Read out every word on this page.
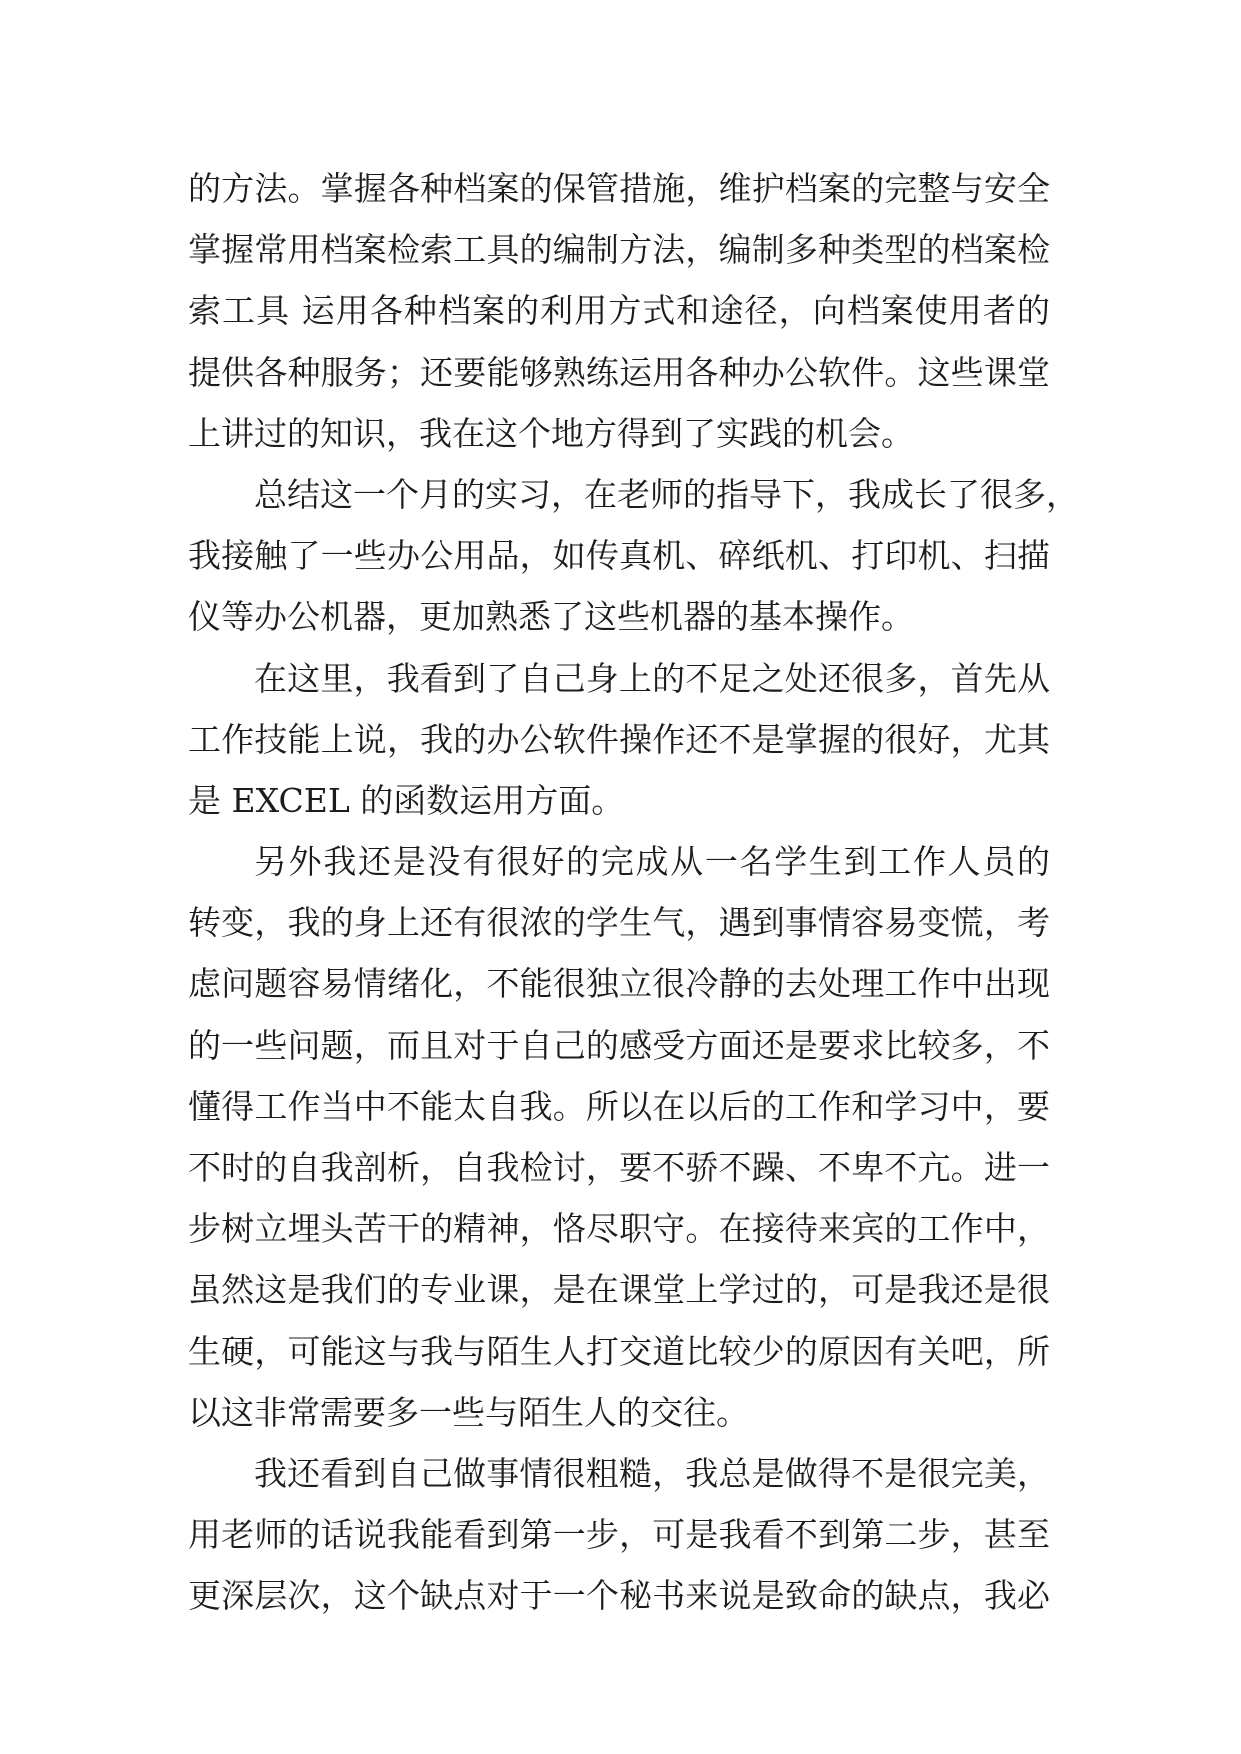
的方法。掌握各种档案的保管措施，维护档案的完整与安全
掌握常用档案检索工具的编制方法，编制多种类型的档案检
索工具 运用各种档案的利用方式和途径，向档案使用者的
提供各种服务；还要能够熟练运用各种办公软件。这些课堂
上讲过的知识，我在这个地方得到了实践的机会。
总结这一个月的实习，在老师的指导下，我成长了很多，
我接触了一些办公用品，如传真机、碎纸机、打印机、扫描
仪等办公机器，更加熟悉了这些机器的基本操作。
在这里，我看到了自己身上的不足之处还很多，首先从
工作技能上说，我的办公软件操作还不是掌握的很好，尤其
是 EXCEL 的函数运用方面。
另外我还是没有很好的完成从一名学生到工作人员的
转变，我的身上还有很浓的学生气，遇到事情容易变慌，考
虑问题容易情绪化，不能很独立很冷静的去处理工作中出现
的一些问题，而且对于自己的感受方面还是要求比较多，不
懂得工作当中不能太自我。所以在以后的工作和学习中，要
不时的自我剖析，自我检讨，要不骄不躁、不卑不亢。进一
步树立埋头苦干的精神，恪尽职守。在接待来宾的工作中，
虽然这是我们的专业课，是在课堂上学过的，可是我还是很
生硬，可能这与我与陌生人打交道比较少的原因有关吧，所
以这非常需要多一些与陌生人的交往。
我还看到自己做事情很粗糙，我总是做得不是很完美，
用老师的话说我能看到第一步，可是我看不到第二步，甚至
更深层次，这个缺点对于一个秘书来说是致命的缺点，我必
